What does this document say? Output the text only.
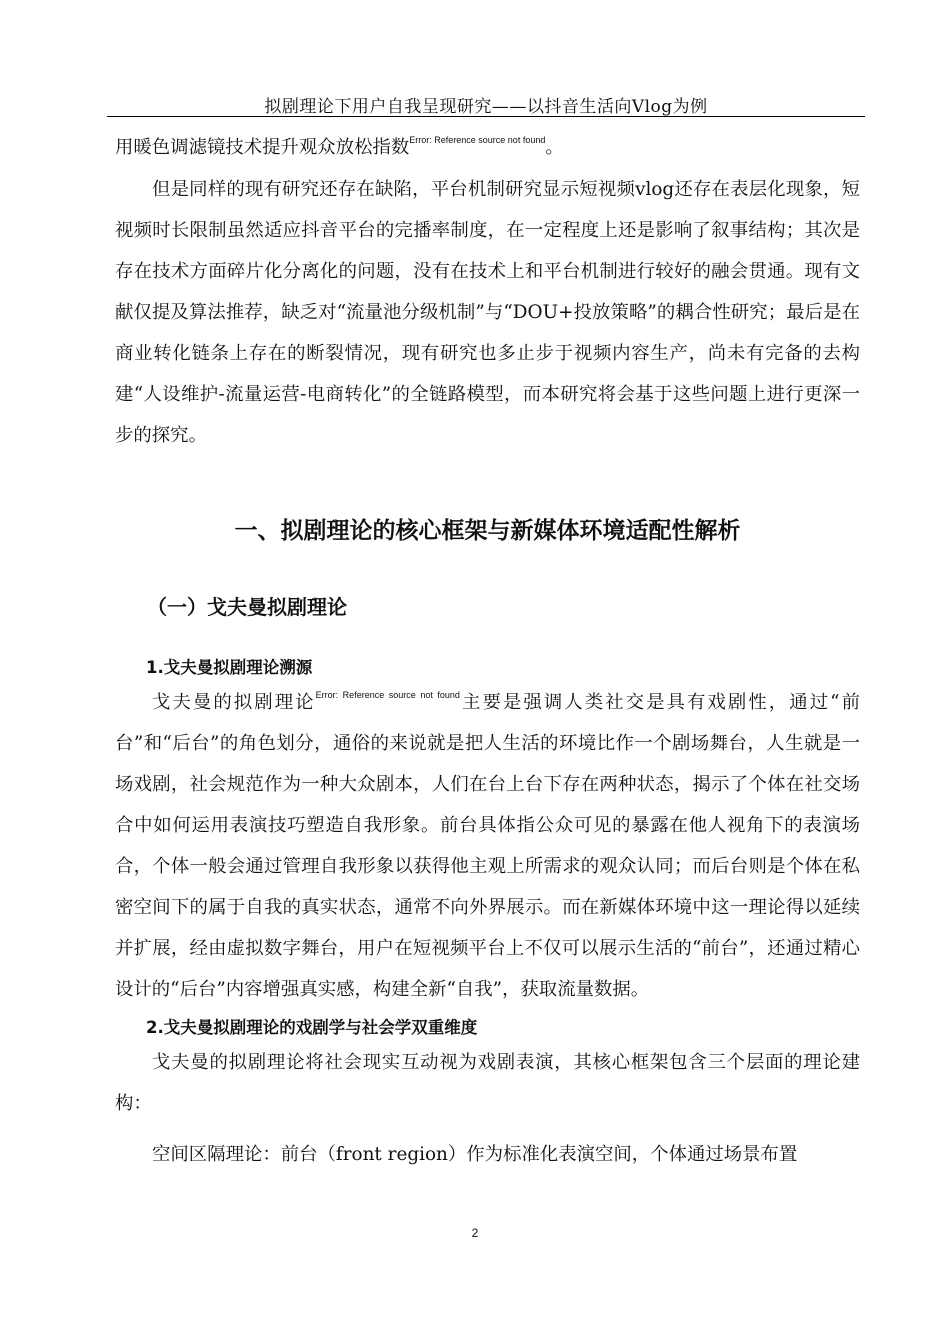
拟剧理论下用户自我呈现研究——以抖音生活向Vlog为例

用暖色调滤镜技术提升观众放松指数$^{Error: Reference source not found}$。

但是同样的现有研究还存在缺陷，平台机制研究显示短视频vlog还存在表层化现象，短视频时长限制虽然适应抖音平台的完播率制度，在一定程度上还是影响了叙事结构；其次是存在技术方面碎片化分离化的问题，没有在技术上和平台机制进行较好的融会贯通。现有文献仅提及算法推荐，缺乏对“流量池分级机制”与“DOU+投放策略”的耦合性研究；最后是在商业转化链条上存在的断裂情况，现有研究也多止步于视频内容生产，尚未有完备的去构建“人设维护-流量运营-电商转化”的全链路模型，而本研究将会基于这些问题上进行更深一步的探究。

一、拟剧理论的核心框架与新媒体环境适配性解析
（一）戈夫曼拟剧理论
1.戈夫曼拟剧理论溯源

戈夫曼的拟剧理论$^{Error: Reference source not found}$主要是强调人类社交是具有戏剧性，通过“前台”和“后台”的角色划分，通俗的来说就是把人生活的环境比作一个剧场舞台，人生就是一场戏剧，社会规范作为一种大众剧本，人们在台上台下存在两种状态，揭示了个体在社交场合中如何运用表演技巧塑造自我形象。前台具体指公众可见的暴露在他人视角下的表演场合，个体一般会通过管理自我形象以获得他主观上所需求的观众认同；而后台则是个体在私密空间下的属于自我的真实状态，通常不向外界展示。而在新媒体环境中这一理论得以延续并扩展，经由虚拟数字舞台，用户在短视频平台上不仅可以展示生活的“前台”，还通过精心设计的“后台”内容增强真实感，构建全新“自我”，获取流量数据。

2.戈夫曼拟剧理论的戏剧学与社会学双重维度

戈夫曼的拟剧理论将社会现实互动视为戏剧表演，其核心框架包含三个层面的理论建构：

空间区隔理论：前台（front region）作为标准化表演空间，个体通过场景布置

2
